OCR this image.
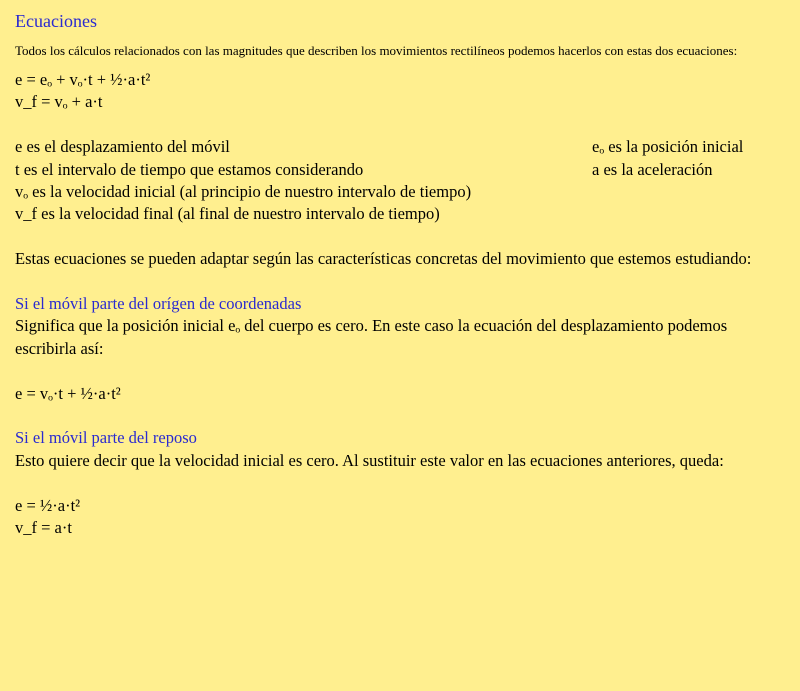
Ecuaciones
Todos los cálculos relacionados con las magnitudes que describen los movimientos rectilíneos podemos hacerlos con estas dos ecuaciones:
e = eₒ + vₒ·t + ½·a·t²
v_f = vₒ + a·t
e es el desplazamiento del móvil	eₒ es la posición inicial
t es el intervalo de tiempo que estamos considerando	a es la aceleración
vₒ es la velocidad inicial (al principio de nuestro intervalo de tiempo)
v_f es la velocidad final (al final de nuestro intervalo de tiempo)
Estas ecuaciones se pueden adaptar según las características concretas del movimiento que estemos estudiando:
Si el móvil parte del orígen de coordenadas
Significa que la posición inicial eₒ del cuerpo es cero. En este caso la ecuación del desplazamiento podemos escribirla así:
e = vₒ·t + ½·a·t²
Si el móvil parte del reposo
Esto quiere decir que la velocidad inicial es cero. Al sustituir este valor en las ecuaciones anteriores, queda:
e = ½·a·t²
v_f = a·t
